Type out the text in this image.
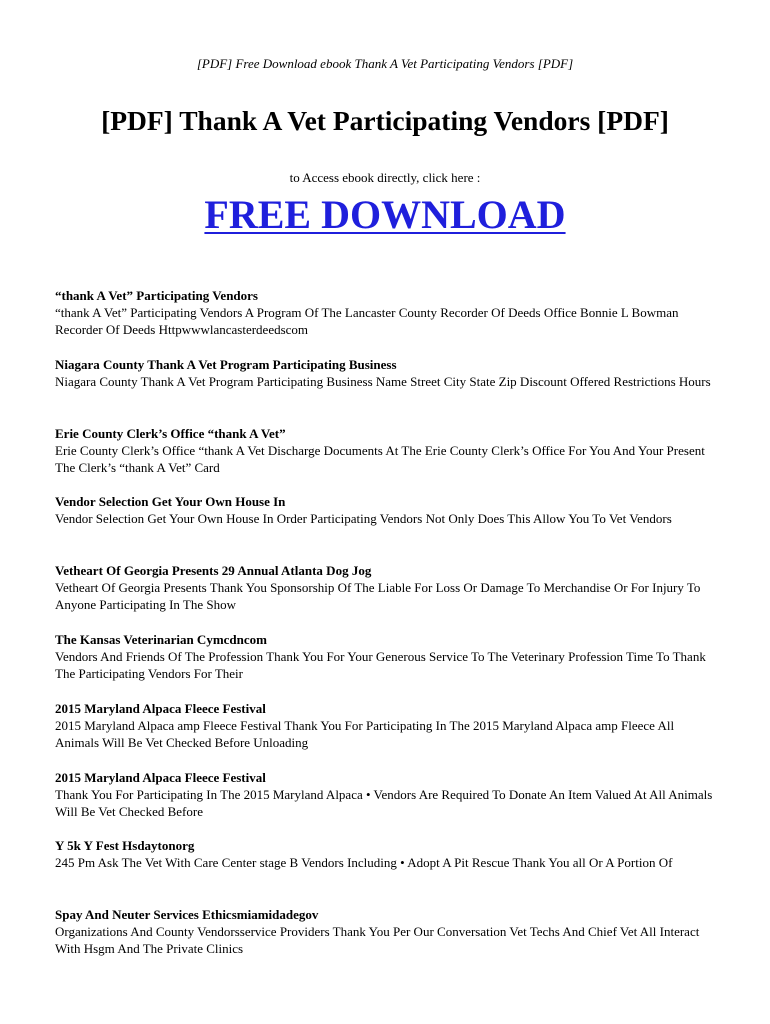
[PDF] Free Download ebook Thank A Vet Participating Vendors [PDF]
[PDF] Thank A Vet Participating Vendors [PDF]
to Access ebook directly, click here :
FREE DOWNLOAD
“thank A Vet” Participating Vendors
“thank A Vet” Participating Vendors A Program Of The Lancaster County Recorder Of Deeds Office Bonnie L Bowman Recorder Of Deeds Httpwwwlancasterdeedscom
Niagara County Thank A Vet Program Participating Business
Niagara County Thank A Vet Program Participating Business Name Street City State Zip Discount Offered Restrictions Hours
Erie County Clerk’s Office “thank A Vet”
Erie County Clerk’s Office “thank A Vet Discharge Documents At The Erie County Clerk’s Office For You And Your Present The Clerk’s “thank A Vet” Card
Vendor Selection Get Your Own House In
Vendor Selection Get Your Own House In Order Participating Vendors Not Only Does This Allow You To Vet Vendors
Vetheart Of Georgia Presents 29 Annual Atlanta Dog Jog
Vetheart Of Georgia Presents Thank You Sponsorship Of The Liable For Loss Or Damage To Merchandise Or For Injury To Anyone Participating In The Show
The Kansas Veterinarian Cymcdncom
Vendors And Friends Of The Profession Thank You For Your Generous Service To The Veterinary Profession Time To Thank The Participating Vendors For Their
2015 Maryland Alpaca Fleece Festival
2015 Maryland Alpaca amp Fleece Festival Thank You For Participating In The 2015 Maryland Alpaca amp Fleece All Animals Will Be Vet Checked Before Unloading
2015 Maryland Alpaca Fleece Festival
Thank You For Participating In The 2015 Maryland Alpaca • Vendors Are Required To Donate An Item Valued At All Animals Will Be Vet Checked Before
Y 5k Y Fest Hsdaytonorg
245 Pm Ask The Vet With Care Center stage B Vendors Including • Adopt A Pit Rescue Thank You all Or A Portion Of
Spay And Neuter Services Ethicsmiamidadegov
Organizations And County Vendorsservice Providers Thank You Per Our Conversation Vet Techs And Chief Vet All Interact With Hsgm And The Private Clinics
